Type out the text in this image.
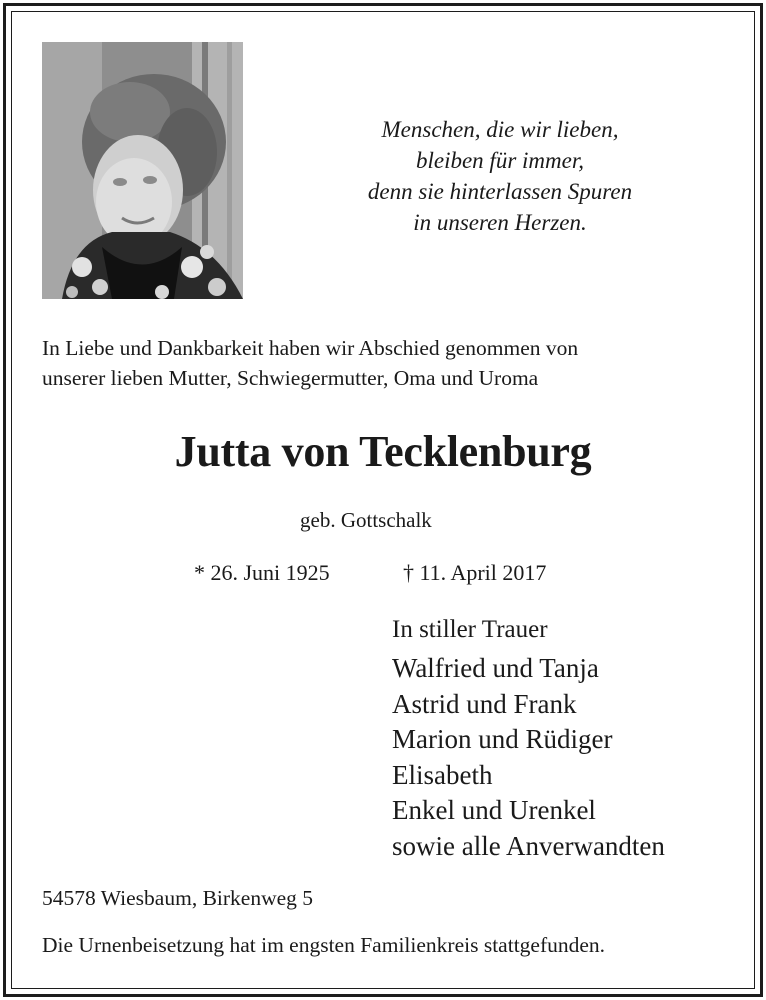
Menschen, die wir lieben,
bleiben für immer,
denn sie hinterlassen Spuren
in unseren Herzen.
In Liebe und Dankbarkeit haben wir Abschied genommen von
unserer lieben Mutter, Schwiegermutter, Oma und Uroma
Jutta von Tecklenburg
geb. Gottschalk
* 26. Juni 1925	† 11. April 2017
In stiller Trauer
Walfried und Tanja
Astrid und Frank
Marion und Rüdiger
Elisabeth
Enkel und Urenkel
sowie alle Anverwandten
54578 Wiesbaum, Birkenweg 5
Die Urnenbeisetzung hat im engsten Familienkreis stattgefunden.
